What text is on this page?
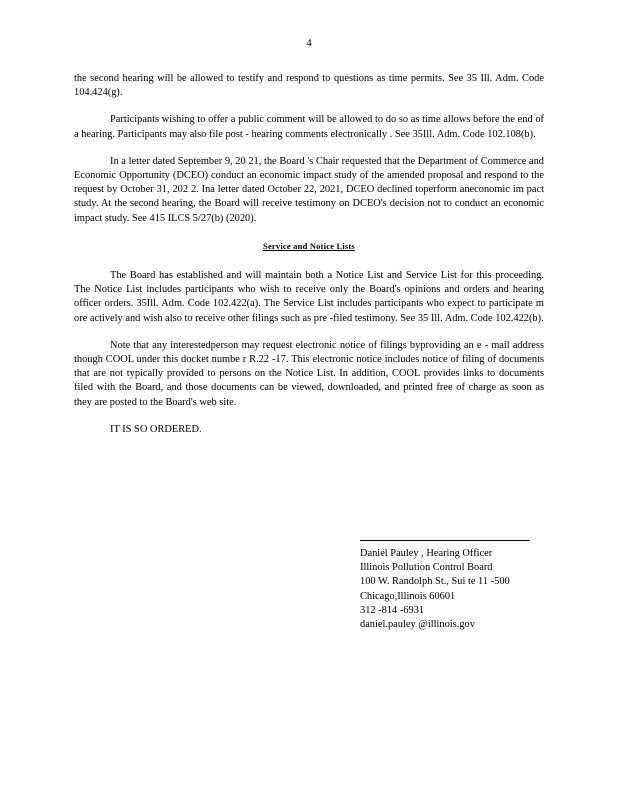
4

the second hearing will be allowed to testify and respond to questions as time permits. See 35 Ill. Adm. Code 104.424(g).

Participants wishing to offer a public comment will be allowed to do so as time allows before the end of a hearing. Participants may also file post - hearing comments electronically . See 35Ill. Adm. Code 102.108(b).

In a letter dated September 9, 20 21, the Board 's Chair requested that the Department of Commerce and Economic Opportunity (DCEO) conduct an economic impact study of the amended proposal and respond to the request by October 31, 202 2. Ina letter dated October 22, 2021, DCEO declined toperform aneconomic im pact study. At the second hearing, the Board will receive testimony on DCEO's decision not to conduct an economic impact study. See 415 ILCS 5/27(b) (2020).

Service and Notice Lists

The Board has established and will maintain both a Notice List and Service List for this proceeding. The Notice List includes participants who wish to receive only the Board's opinions and orders and hearing officer orders. 35Ill. Adm. Code 102.422(a). The Service List includes participants who expect to participate m ore actively and wish also to receive other filings such as pre -filed testimony. See 35 Ill. Adm. Code 102.422(b).

Note that any interestedperson may request electronic notice of filings byproviding an e - mail address though COOL under this docket numbe r R.22 -17. This electronic notice includes notice of filing of documents that are not typically provided to persons on the Notice List. In addition, COOL provides links to documents filed with the Board, and those documents can be viewed, downloaded, and printed free of charge as soon as they are posted to the Board's web site.

IT IS SO ORDERED.

Daniel Pauley , Hearing Officer
Illinois Pollution Control Board
100 W. Randolph St., Sui te 11 -500
Chicago,Illinois 60601
312 -814 -6931
daniel.pauley @illinois.gov
